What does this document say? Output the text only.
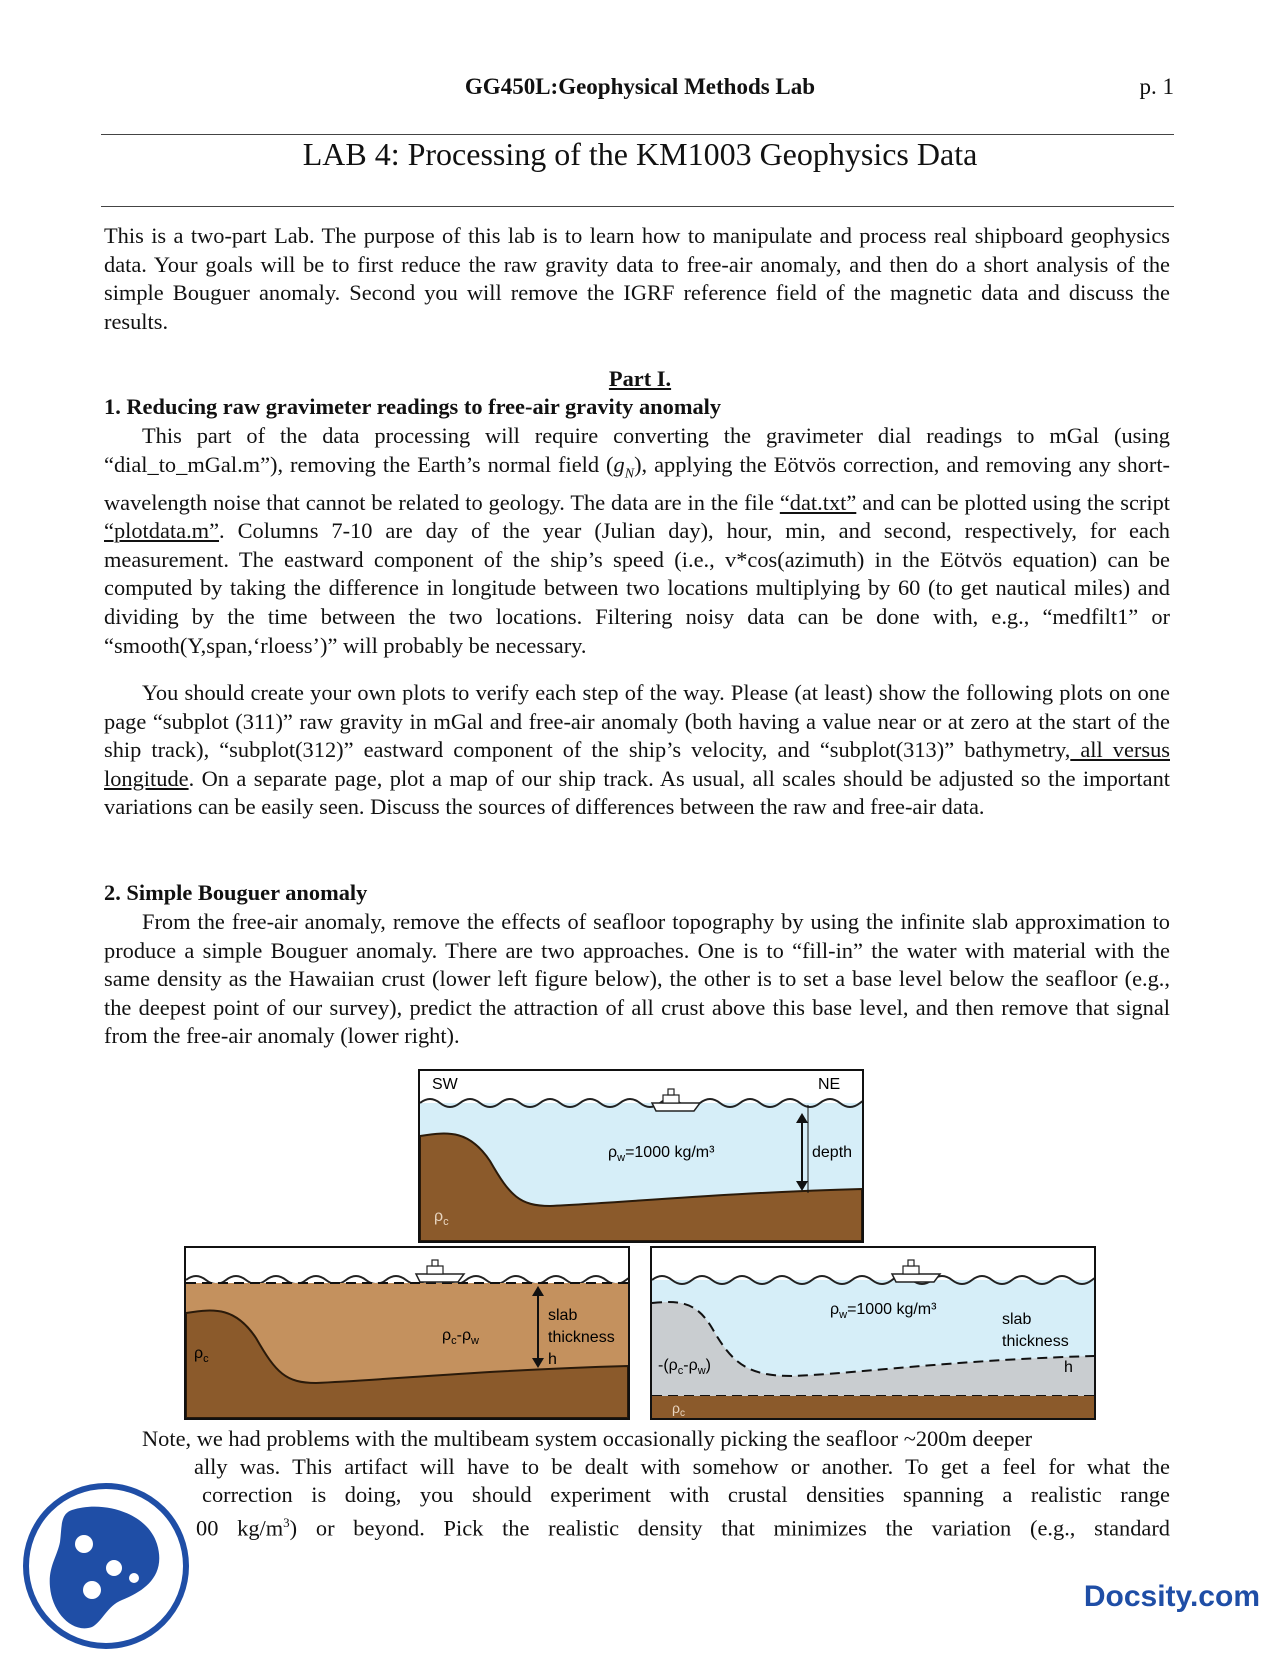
GG450L:Geophysical Methods Lab	p. 1
LAB 4: Processing of the KM1003 Geophysics Data

This is a two-part Lab. The purpose of this lab is to learn how to manipulate and process real shipboard geophysics data. Your goals will be to first reduce the raw gravity data to free-air anomaly, and then do a short analysis of the simple Bouguer anomaly. Second you will remove the IGRF reference field of the magnetic data and discuss the results.

Part I.
1. Reducing raw gravimeter readings to free-air gravity anomaly

This part of the data processing will require converting the gravimeter dial readings to mGal (using “dial_to_mGal.m”), removing the Earth’s normal field $(g_N)$, applying the Eötvös correction, and removing any short-wavelength noise that cannot be related to geology. The data are in the file “dat.txt” and can be plotted using the script “plotdata.m”. Columns 7-10 are day of the year (Julian day), hour, min, and second, respectively, for each measurement. The eastward component of the ship’s speed (i.e., v*cos(azimuth) in the Eötvös equation) can be computed by taking the difference in longitude between two locations multiplying by 60 (to get nautical miles) and dividing by the time between the two locations. Filtering noisy data can be done with, e.g., “medfilt1” or “smooth(Y,span,‘rloess’)” will probably be necessary.

You should create your own plots to verify each step of the way. Please (at least) show the following plots on one page “subplot (311)” raw gravity in mGal and free-air anomaly (both having a value near or at zero at the start of the ship track), “subplot(312)” eastward component of the ship’s velocity, and “subplot(313)” bathymetry, all versus longitude. On a separate page, plot a map of our ship track. As usual, all scales should be adjusted so the important variations can be easily seen. Discuss the sources of differences between the raw and free-air data.

2. Simple Bouguer anomaly

From the free-air anomaly, remove the effects of seafloor topography by using the infinite slab approximation to produce a simple Bouguer anomaly. There are two approaches. One is to “fill-in” the water with material with the same density as the Hawaiian crust (lower left figure below), the other is to set a base level below the seafloor (e.g., the deepest point of our survey), predict the attraction of all crust above this base level, and then remove that signal from the free-air anomaly (lower right).

SW	NE
$\rho_w=1000$ kg/m³	depth
$\rho_c$
$\rho_c$
$\rho_c-\rho_w$
slab
thickness
h
$\rho_w=1000$ kg/m³
slab
thickness
h
$-(\rho_c-\rho_w)$
$\rho_c$
Note, we had problems with the multibeam system occasionally picking the seafloor ~200m deeper
ally was. This artifact will have to be dealt with somehow or another. To get a feel for what the
correction is doing, you should experiment with crustal densities spanning a realistic range
00 $kg/m^3$) or beyond. Pick the realistic density that minimizes the variation (e.g., standard
Docsity.com
